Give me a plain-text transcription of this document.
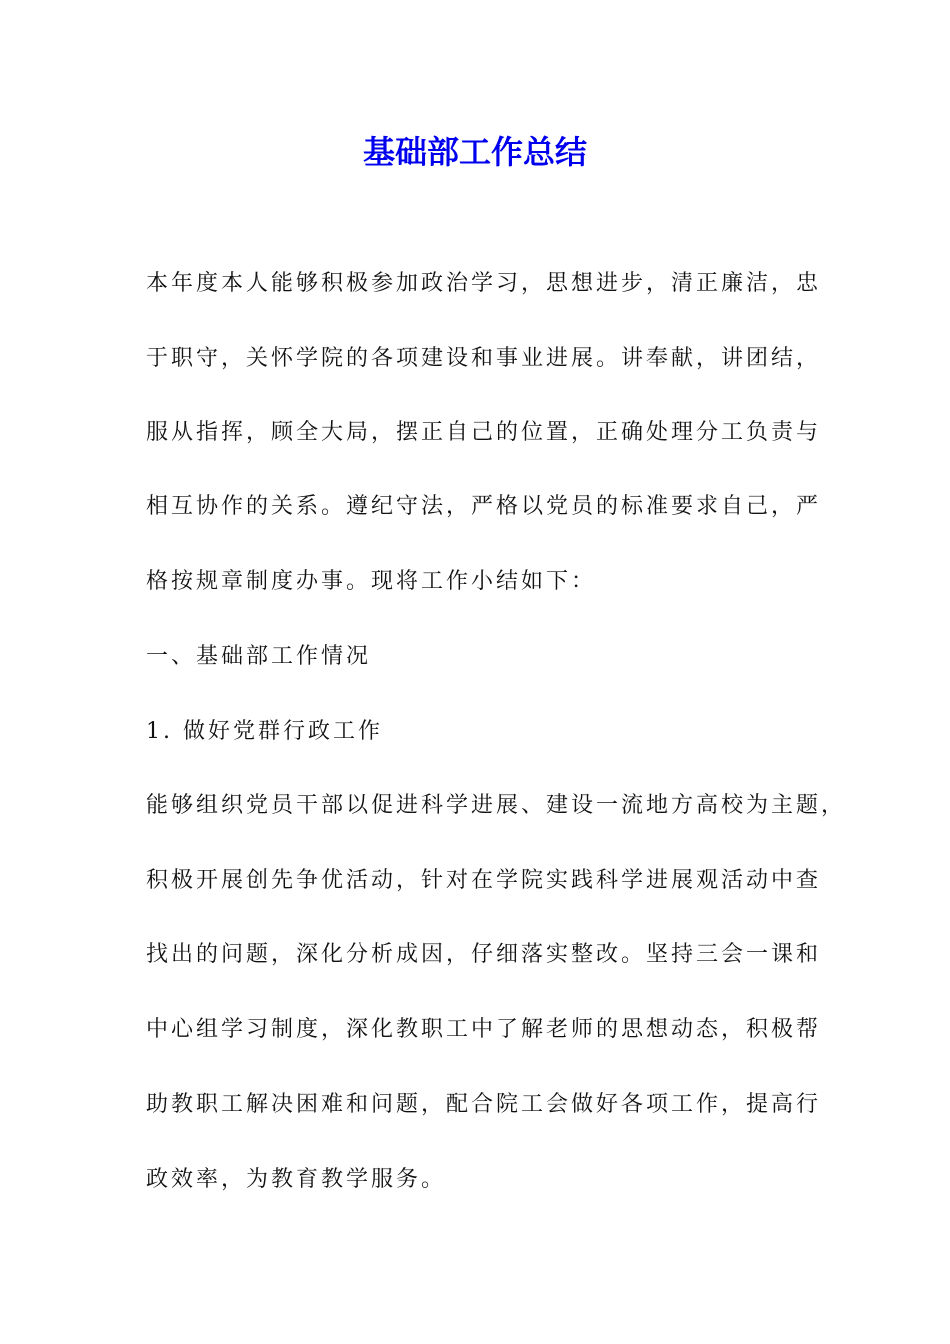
基础部工作总结

本年度本人能够积极参加政治学习，思想进步，清正廉洁，忠

于职守，关怀学院的各项建设和事业进展。讲奉献，讲团结，

服从指挥，顾全大局，摆正自己的位置，正确处理分工负责与

相互协作的关系。遵纪守法，严格以党员的标准要求自己，严

格按规章制度办事。现将工作小结如下：

一、基础部工作情况

1. 做好党群行政工作

能够组织党员干部以促进科学进展、建设一流地方高校为主题，

积极开展创先争优活动，针对在学院实践科学进展观活动中查

找出的问题，深化分析成因，仔细落实整改。坚持三会一课和

中心组学习制度，深化教职工中了解老师的思想动态，积极帮

助教职工解决困难和问题，配合院工会做好各项工作，提高行

政效率，为教育教学服务。
